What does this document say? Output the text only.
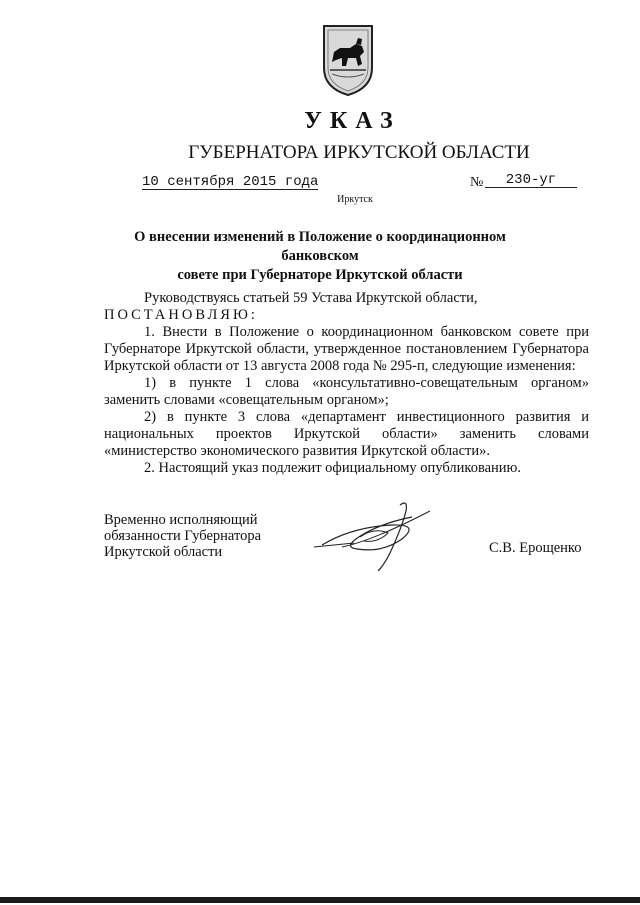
УКАЗ
ГУБЕРНАТОРА ИРКУТСКОЙ ОБЛАСТИ
10 сентября 2015 года	№	230-уг
Иркутск
О внесении изменений в Положение о координационном банковском
совете при Губернаторе Иркутской области

Руководствуясь статьей 59 Устава Иркутской области,

ПОСТАНОВЛЯЮ:

1. Внести в Положение о координационном банковском совете при Губернаторе Иркутской области, утвержденное постановлением Губернатора Иркутской области от 13 августа 2008 года № 295-п, следующие изменения:

1) в пункте 1 слова «консультативно-совещательным органом» заменить словами «совещательным органом»;

2) в пункте 3 слова «департамент инвестиционного развития и национальных проектов Иркутской области» заменить словами «министерство экономического развития Иркутской области».

2. Настоящий указ подлежит официальному опубликованию.

Временно исполняющий
обязанности Губернатора
Иркутской области	С.В. Ерощенко
